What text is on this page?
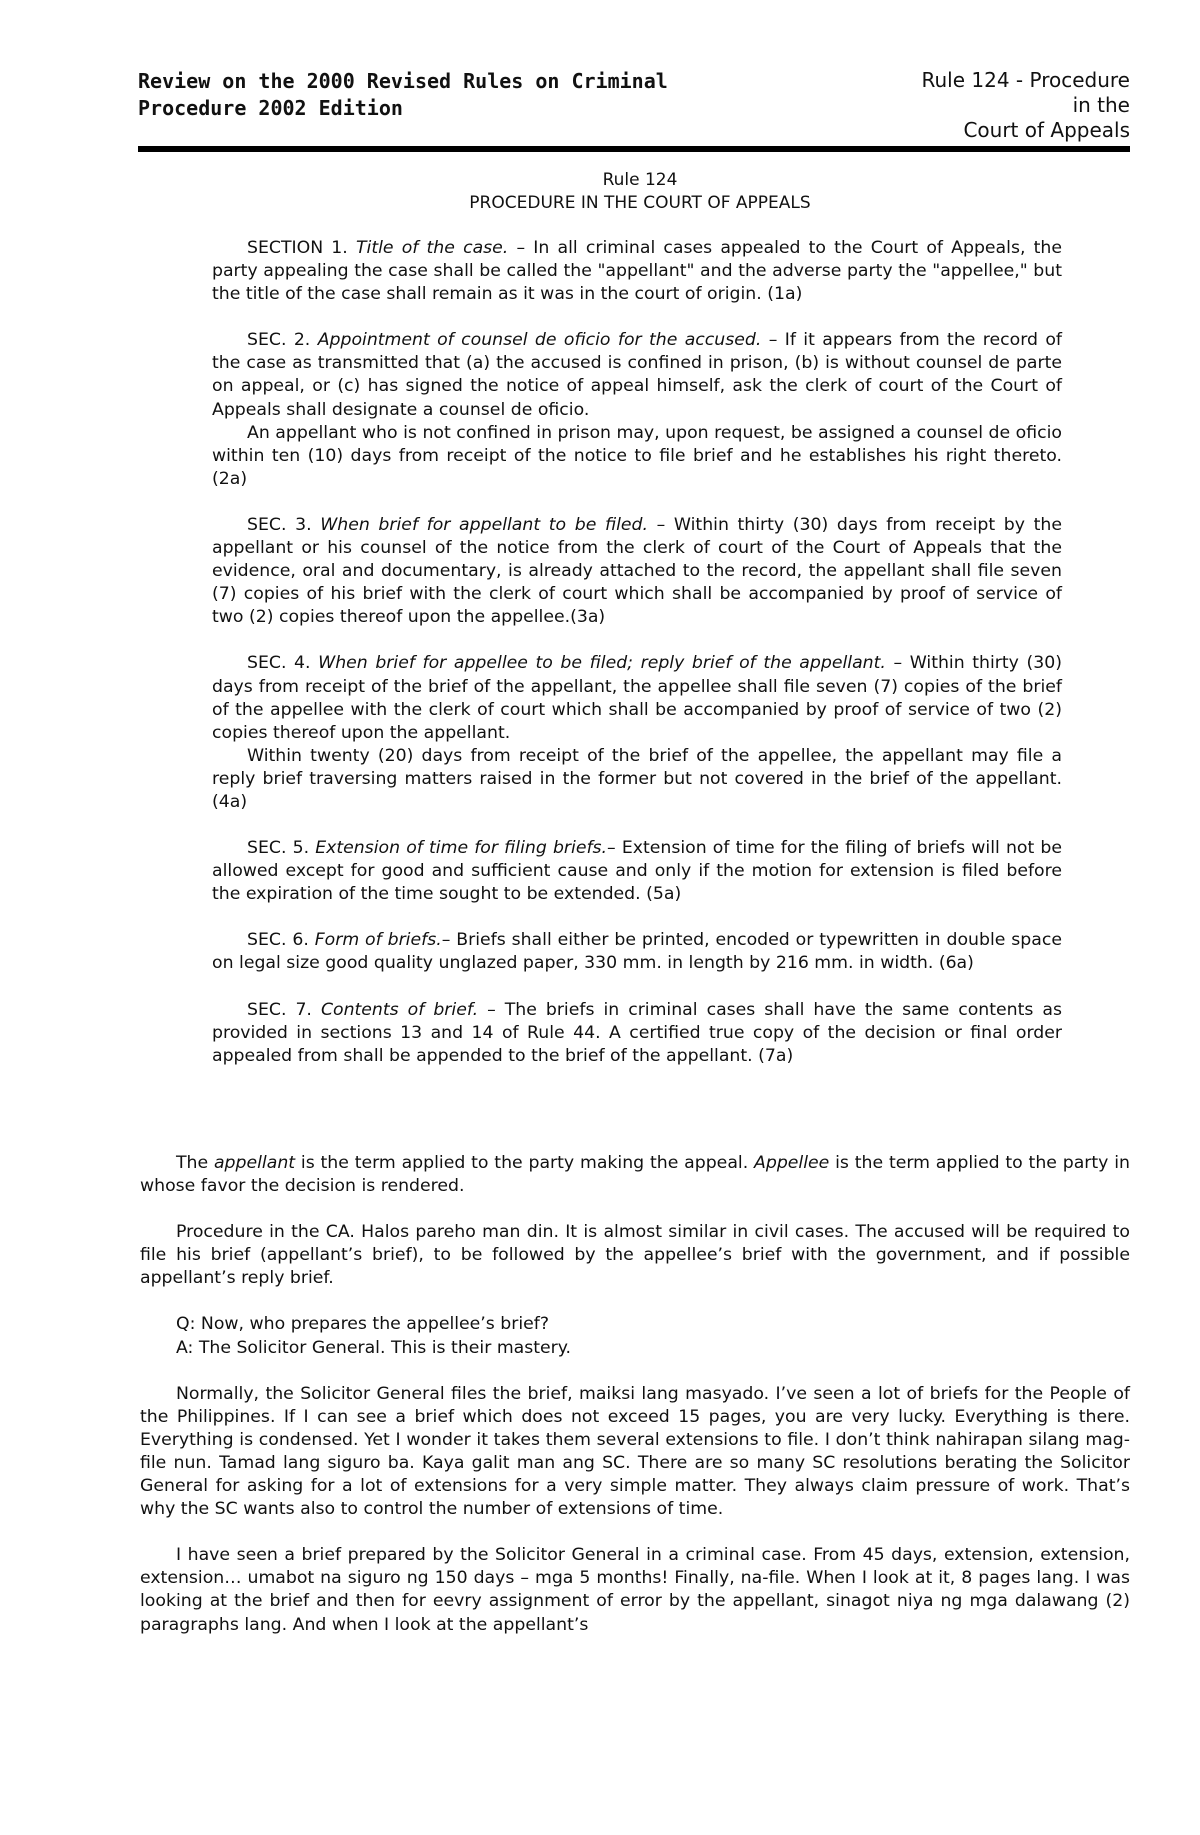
Review on the 2000 Revised Rules on Criminal
Procedure 2002 Edition
Rule 124 - Procedure
in the
Court of Appeals
Rule 124
PROCEDURE IN THE COURT OF APPEALS

SECTION 1. Title of the case. – In all criminal cases appealed to the Court of Appeals, the party appealing the case shall be called the "appellant" and the adverse party the "appellee," but the title of the case shall remain as it was in the court of origin. (1a)

SEC. 2. Appointment of counsel de oficio for the accused. – If it appears from the record of the case as transmitted that (a) the accused is confined in prison, (b) is without counsel de parte on appeal, or (c) has signed the notice of appeal himself, ask the clerk of court of the Court of Appeals shall designate a counsel de oficio.

An appellant who is not confined in prison may, upon request, be assigned a counsel de oficio within ten (10) days from receipt of the notice to file brief and he establishes his right thereto. (2a)

SEC. 3. When brief for appellant to be filed. – Within thirty (30) days from receipt by the appellant or his counsel of the notice from the clerk of court of the Court of Appeals that the evidence, oral and documentary, is already attached to the record, the appellant shall file seven (7) copies of his brief with the clerk of court which shall be accompanied by proof of service of two (2) copies thereof upon the appellee.(3a)

SEC. 4. When brief for appellee to be filed; reply brief of the appellant. – Within thirty (30) days from receipt of the brief of the appellant, the appellee shall file seven (7) copies of the brief of the appellee with the clerk of court which shall be accompanied by proof of service of two (2) copies thereof upon the appellant.

Within twenty (20) days from receipt of the brief of the appellee, the appellant may file a reply brief traversing matters raised in the former but not covered in the brief of the appellant. (4a)

SEC. 5. Extension of time for filing briefs.– Extension of time for the filing of briefs will not be allowed except for good and sufficient cause and only if the motion for extension is filed before the expiration of the time sought to be extended. (5a)

SEC. 6. Form of briefs.– Briefs shall either be printed, encoded or typewritten in double space on legal size good quality unglazed paper, 330 mm. in length by 216 mm. in width. (6a)

SEC. 7. Contents of brief. – The briefs in criminal cases shall have the same contents as provided in sections 13 and 14 of Rule 44. A certified true copy of the decision or final order appealed from shall be appended to the brief of the appellant. (7a)

The appellant is the term applied to the party making the appeal. Appellee is the term applied to the party in whose favor the decision is rendered.

Procedure in the CA. Halos pareho man din. It is almost similar in civil cases. The accused will be required to file his brief (appellant’s brief), to be followed by the appellee’s brief with the government, and if possible appellant’s reply brief.

Q: Now, who prepares the appellee’s brief?

A: The Solicitor General. This is their mastery.

Normally, the Solicitor General files the brief, maiksi lang masyado. I’ve seen a lot of briefs for the People of the Philippines. If I can see a brief which does not exceed 15 pages, you are very lucky. Everything is there. Everything is condensed. Yet I wonder it takes them several extensions to file. I don’t think nahirapan silang mag-file nun. Tamad lang siguro ba. Kaya galit man ang SC. There are so many SC resolutions berating the Solicitor General for asking for a lot of extensions for a very simple matter. They always claim pressure of work. That’s why the SC wants also to control the number of extensions of time.

I have seen a brief prepared by the Solicitor General in a criminal case. From 45 days, extension, extension, extension… umabot na siguro ng 150 days – mga 5 months! Finally, na-file. When I look at it, 8 pages lang. I was looking at the brief and then for eevry assignment of error by the appellant, sinagot niya ng mga dalawang (2) paragraphs lang. And when I look at the appellant’s
